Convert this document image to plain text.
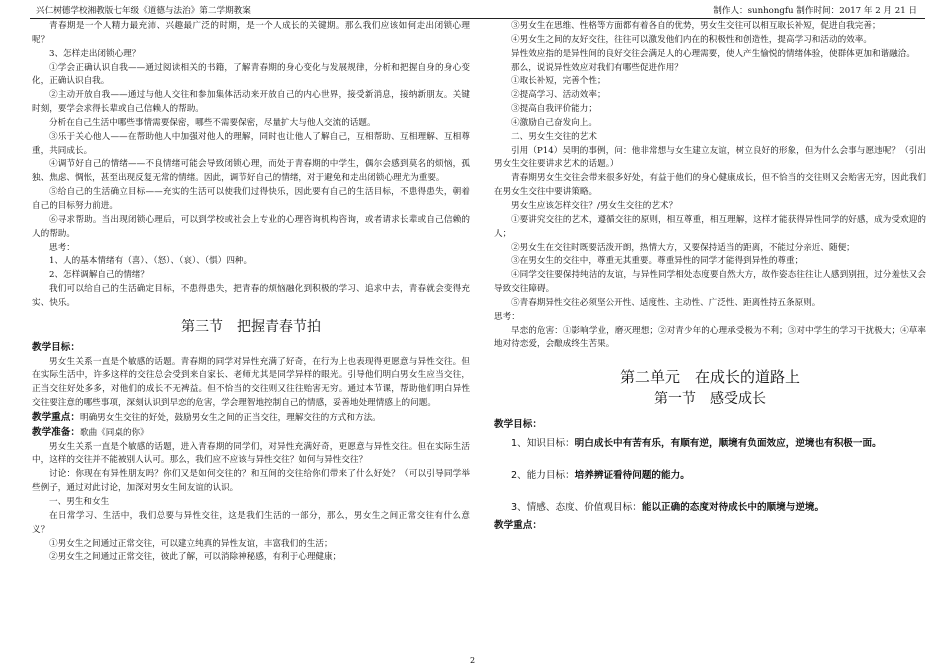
兴仁树德学校湘教版七年级《道德与法治》第二学期教案	制作人：sunhongfu 制作时间：2017 年 2 月 21 日

青春期是一个人精力最充沛、兴趣最广泛的时期，是一个人成长的关键期。那么我们应该如何走出闭锁心理呢？

3、怎样走出闭锁心理？

①学会正确认识自我——通过阅读相关的书籍，了解青春期的身心变化与发展规律，分析和把握自身的身心变化，正确认识自我。

②主动开放自我——通过与他人交往和参加集体活动来开放自己的内心世界，接受新消息，接纳新朋友。关键时刻，要学会求得长辈或自己信赖人的帮助。

分析在自己生活中哪些事情需要保密，哪些不需要保密，尽量扩大与他人交流的话题。

③乐于关心他人——在帮助他人中加强对他人的理解，同时也让他人了解自己，互相帮助、互相理解、互相尊重，共同成长。

④调节好自己的情绪——不良情绪可能会导致闭锁心理，而处于青春期的中学生，偶尔会感到莫名的烦恼，孤独、焦虑、惆怅，甚至出现反复无常的情绪。因此，调节好自己的情绪，对于避免和走出闭锁心理尤为重要。

⑤给自己的生活确立目标——充实的生活可以使我们过得快乐，因此要有自己的生活目标，不患得患失，朝着自己的目标努力前进。

⑥寻求帮助。当出现闭锁心理后，可以到学校或社会上专业的心理咨询机构咨询，或者请求长辈或自己信赖的人的帮助。

思考：

1、人的基本情绪有（喜）、（怒）、（哀）、（惧）四种。

2、怎样调解自己的情绪？

我们可以给自己的生活确定目标，不患得患失，把青春的烦恼融化到积极的学习、追求中去，青春就会变得充实、快乐。

第三节　把握青春节拍

教学目标：

男女生关系一直是个敏感的话题。青春期的同学对异性充满了好奇，在行为上也表现得更愿意与异性交往。但在实际生活中，许多这样的交往总会受到来自家长、老师尤其是同学异样的眼光。引导他们明白男女生应当交往，正当交往好处多多，对他们的成长不无裨益。但不恰当的交往则又往往贻害无穷。通过本节课，帮助他们明白异性交往要注意的哪些事项，深刻认识到早恋的危害，学会理智地控制自己的情感，妥善地处理情感上的问题。

教学重点：明确男女生交往的好处，鼓励男女生之间的正当交往，理解交往的方式和方法。

教学准备：歌曲《同桌的你》

男女生关系一直是个敏感的话题，进入青春期的同学们，对异性充满好奇，更愿意与异性交往。但在实际生活中，这样的交往并不能被别人认可。那么，我们应不应该与异性交往？如何与异性交往？

讨论：你现在有异性朋友吗？你们又是如何交往的？和互间的交往给你们带来了什么好处？（可以引导同学举些例子，通过对此讨论，加深对男女生间友谊的认识。

一、男生和女生

在日常学习、生活中，我们总要与异性交往，这是我们生活的一部分，那么，男女生之间正常交往有什么意义？

①男女生之间通过正常交往，可以建立纯真的异性友谊，丰富我们的生活；

②男女生之间通过正常交往，彼此了解，可以消除神秘感，有利于心理健康；

③男女生在思维、性格等方面都有着各自的优势，男女生交往可以相互取长补短，促进自我完善；

④男女生之间的友好交往，往往可以激发他们内在的积极性和创造性，提高学习和活动的效率。

异性效应指的是异性间的良好交往会满足人的心理需要，使人产生愉悦的情绪体验，使群体更加和谐融洽。

那么，说说异性效应对我们有哪些促进作用？

①取长补短，完善个性；

②提高学习、活动效率；

③提高自我评价能力；

④激励自己奋发向上。

二、男女生交往的艺术

引用（P14）吴明的事例，问：他非常想与女生建立友谊，树立良好的形象，但为什么会事与愿违呢？（引出男女生交往要讲求艺术的话题。）

青春期男女生交往会带来很多好处，有益于他们的身心健康成长，但不恰当的交往则又会贻害无穷，因此我们在男女生交往中要讲策略。

男女生应该怎样交往？/男女生交往的艺术？

①要讲究交往的艺术，遵循交往的原则，相互尊重，相互理解，这样才能获得异性同学的好感，成为受欢迎的人；

②男女生在交往时既要活泼开朗，热情大方，又要保持适当的距离，不能过分亲近、随便；

③在男女生的交往中，尊重无其重要。尊重异性的同学才能得到异性的尊重；

④同学交往要保持纯洁的友谊，与异性同学相处态度要自然大方，故作姿态往往让人感到别扭，过分羞怯又会导致交往障碍。

⑤青春期异性交往必须坚公开性、适度性、主动性、广泛性、距离性持五条原则。

思考：

早恋的危害：①影响学业，磨灭理想；②对青少年的心理承受极为不利；③对中学生的学习干扰极大；④草率地对待恋爱，会酿成终生苦果。

第二单元　在成长的道路上
第一节　感受成长

教学目标：

1、知识目标：明白成长中有苦有乐，有顺有逆，顺境有负面效应，逆境也有积极一面。

2、能力目标：培养辨证看待问题的能力。

3、情感、态度、价值观目标：能以正确的态度对待成长中的顺境与逆境。

教学重点：

2
